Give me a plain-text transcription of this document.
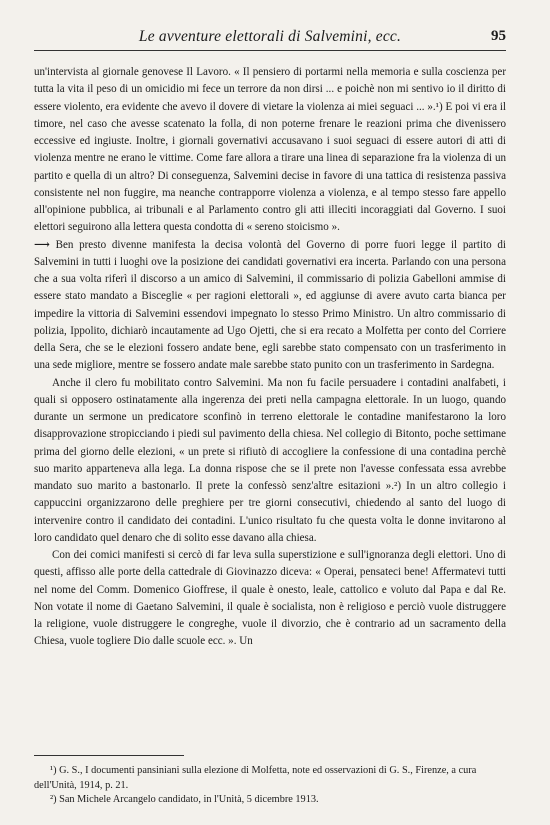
Le avventure elettorali di Salvemini, ecc.	95

un'intervista al giornale genovese Il Lavoro. « Il pensiero di portarmi nella memoria e sulla coscienza per tutta la vita il peso di un omicidio mi fece un terrore da non dirsi ... e poichè non mi sentivo io il diritto di essere violento, era evidente che avevo il dovere di vietare la violenza ai miei seguaci ... ».¹) E poi vi era il timore, nel caso che avesse scatenato la folla, di non poterne frenare le reazioni prima che divenissero eccessive ed ingiuste. Inoltre, i giornali governativi accusavano i suoi seguaci di essere autori di atti di violenza mentre ne erano le vittime. Come fare allora a tirare una linea di separazione fra la violenza di un partito e quella di un altro? Di conseguenza, Salvemini decise in favore di una tattica di resistenza passiva consistente nel non fuggire, ma neanche contrapporre violenza a violenza, e al tempo stesso fare appello all'opinione pubblica, ai tribunali e al Parlamento contro gli atti illeciti incoraggiati dal Governo. I suoi elettori seguirono alla lettera questa condotta di « sereno stoicismo ».

⟶ Ben presto divenne manifesta la decisa volontà del Governo di porre fuori legge il partito di Salvemini in tutti i luoghi ove la posizione dei candidati governativi era incerta. Parlando con una persona che a sua volta riferì il discorso a un amico di Salvemini, il commissario di polizia Gabelloni ammise di essere stato mandato a Bisceglie « per ragioni elettorali », ed aggiunse di avere avuto carta bianca per impedire la vittoria di Salvemini essendovi impegnato lo stesso Primo Ministro. Un altro commissario di polizia, Ippolito, dichiarò incautamente ad Ugo Ojetti, che si era recato a Molfetta per conto del Corriere della Sera, che se le elezioni fossero andate bene, egli sarebbe stato compensato con un trasferimento in una sede migliore, mentre se fossero andate male sarebbe stato punito con un trasferimento in Sardegna.

Anche il clero fu mobilitato contro Salvemini. Ma non fu facile persuadere i contadini analfabeti, i quali si opposero ostinatamente alla ingerenza dei preti nella campagna elettorale. In un luogo, quando durante un sermone un predicatore sconfinò in terreno elettorale le contadine manifestarono la loro disapprovazione stropicciando i piedi sul pavimento della chiesa. Nel collegio di Bitonto, poche settimane prima del giorno delle elezioni, « un prete si rifiutò di accogliere la confessione di una contadina perchè suo marito apparteneva alla lega. La donna rispose che se il prete non l'avesse confessata essa avrebbe mandato suo marito a bastonarlo. Il prete la confessò senz'altre esitazioni ».²) In un altro collegio i cappuccini organizzarono delle preghiere per tre giorni consecutivi, chiedendo al santo del luogo di intervenire contro il candidato dei contadini. L'unico risultato fu che questa volta le donne invitarono al loro candidato quel denaro che di solito esse davano alla chiesa.

Con dei comici manifesti si cercò di far leva sulla superstizione e sull'ignoranza degli elettori. Uno di questi, affisso alle porte della cattedrale di Giovinazzo diceva: « Operai, pensateci bene! Affermatevi tutti nel nome del Comm. Domenico Gioffrese, il quale è onesto, leale, cattolico e voluto dal Papa e dal Re. Non votate il nome di Gaetano Salvemini, il quale è socialista, non è religioso e perciò vuole distruggere la religione, vuole distruggere le congreghe, vuole il divorzio, che è contrario ad un sacramento della Chiesa, vuole togliere Dio dalle scuole ecc. ». Un

¹) G. S., I documenti pansiniani sulla elezione di Molfetta, note ed osservazioni di G. S., Firenze, a cura dell'Unità, 1914, p. 21.

²) San Michele Arcangelo candidato, in l'Unità, 5 dicembre 1913.
